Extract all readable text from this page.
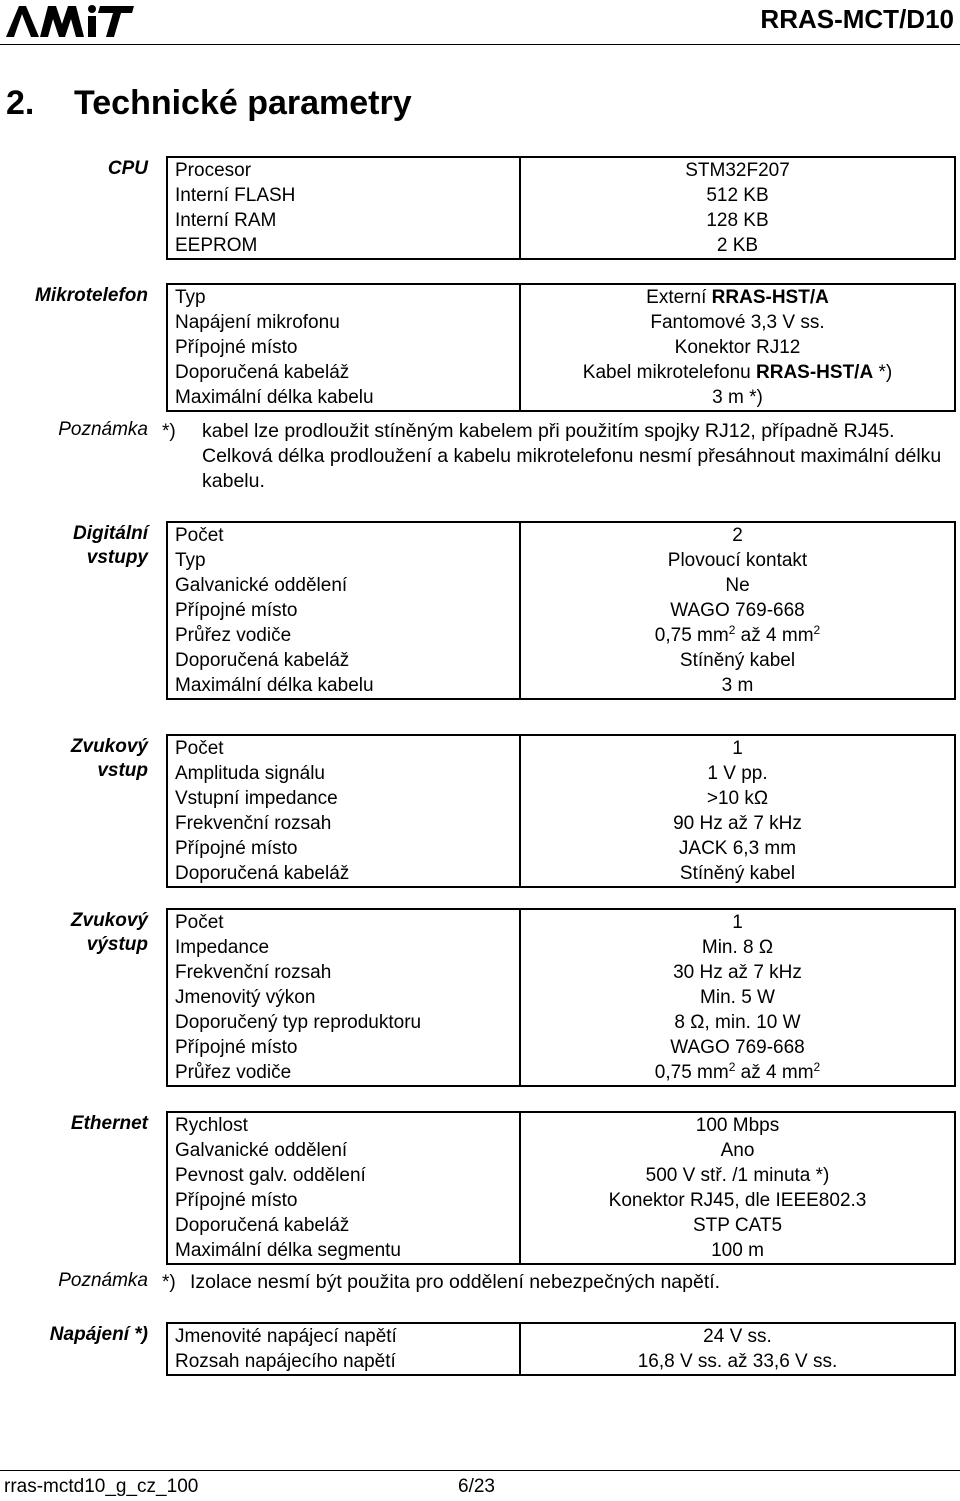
RRAS-MCT/D10
2. Technické parametry
CPU	Procesor	STM32F207
Interní FLASH	512 KB
Interní RAM	128 KB
EEPROM	2 KB
Mikrotelefon	Typ	Externí RRAS-HST/A
Napájení mikrofonu	Fantomové 3,3 V ss.
Přípojné místo	Konektor RJ12
Doporučená kabeláž	Kabel mikrotelefonu RRAS-HST/A *)
Maximální délka kabelu	3 m *)
Digitální
vstupy
Počet	2
Typ	Plovoucí kontakt
Galvanické oddělení	Ne
Přípojné místo	WAGO 769-668
Průřez vodiče	0,75 $mm^2$ až 4 $mm^2$
Doporučená kabeláž	Stíněný kabel
Maximální délka kabelu	3 m
Zvukový
vstup
Počet	1
Amplituda signálu	1 V pp.
Vstupní impedance	>10 kΩ
Frekvenční rozsah	90 Hz až 7 kHz
Přípojné místo	JACK 6,3 mm
Doporučená kabeláž	Stíněný kabel
Zvukový
výstup
Počet	1
Impedance	Min. 8 Ω
Frekvenční rozsah	30 Hz až 7 kHz
Jmenovitý výkon	Min. 5 W
Doporučený typ reproduktoru	8 Ω, min. 10 W
Přípojné místo	WAGO 769-668
Průřez vodiče	0,75 $mm^2$ až 4 $mm^2$
Ethernet	Rychlost	100 Mbps
Galvanické oddělení	Ano
Pevnost galv. oddělení	500 V stř. /1 minuta *)
Přípojné místo	Konektor RJ45, dle IEEE802.3
Doporučená kabeláž	STP CAT5
Maximální délka segmentu	100 m
Napájení *)	Jmenovité napájecí napětí	24 V ss.
Rozsah napájecího napětí	16,8 V ss. až 33,6 V ss.
Poznámka *) kabel lze prodloužit stíněným kabelem při použitím spojky RJ12, případně RJ45. Celková délka prodloužení a kabelu mikrotelefonu nesmí přesáhnout maximální délku kabelu.
Poznámka *) Izolace nesmí být použita pro oddělení nebezpečných napětí.
rras-mctd10_g_cz_100	6/23
